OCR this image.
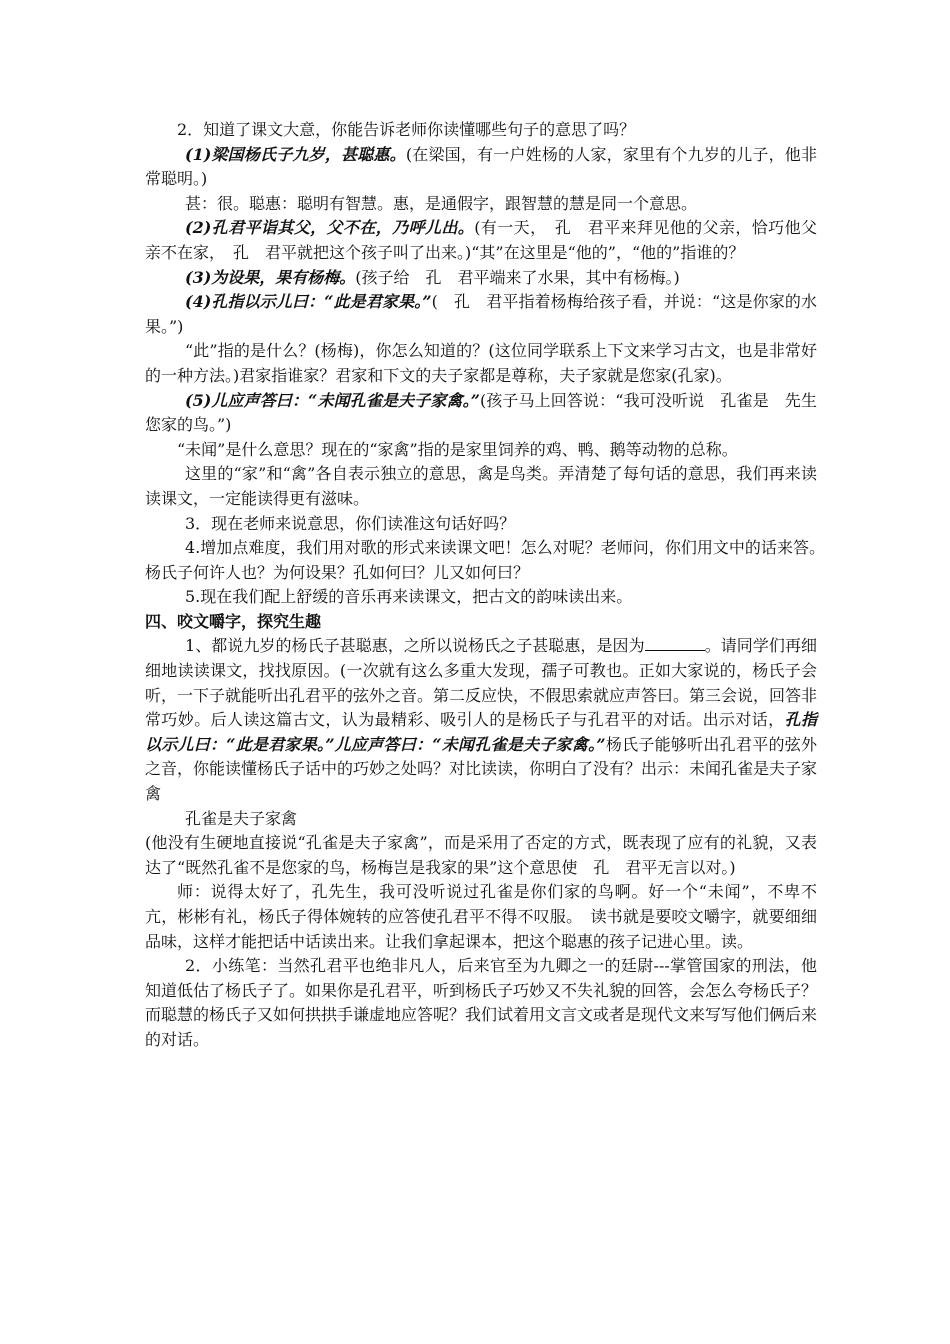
2．知道了课文大意，你能告诉老师你读懂哪些句子的意思了吗？

(1)梁国杨氏子九岁，甚聪惠。(在梁国，有一户姓杨的人家，家里有个九岁的儿子，他非常聪明。)

甚：很。聪惠：聪明有智慧。惠，是通假字，跟智慧的慧是同一个意思。

(2)孔君平诣其父，父不在，乃呼儿出。(有一天，　孔　君平来拜见他的父亲，恰巧他父亲不在家，　孔　君平就把这个孩子叫了出来。)“其”在这里是“他的”，“他的”指谁的？

(3)为设果，果有杨梅。(孩子给　孔　君平端来了水果，其中有杨梅。)

(4)孔指以示儿曰：“此是君家果。”(　孔　君平指着杨梅给孩子看，并说：“这是你家的水果。”)

“此”指的是什么？(杨梅)，你怎么知道的？(这位同学联系上下文来学习古文，也是非常好的一种方法。)君家指谁家？君家和下文的夫子家都是尊称，夫子家就是您家(孔家)。

(5)儿应声答曰：“未闻孔雀是夫子家禽。”(孩子马上回答说：“我可没听说　孔雀是　先生您家的鸟。”)

“未闻”是什么意思？现在的“家禽”指的是家里饲养的鸡、鸭、鹅等动物的总称。

这里的“家”和“禽”各自表示独立的意思，禽是鸟类。弄清楚了每句话的意思，我们再来读读课文，一定能读得更有滋味。

3．现在老师来说意思，你们读准这句话好吗？

4.增加点难度，我们用对歌的形式来读课文吧！怎么对呢？老师问，你们用文中的话来答。　杨氏子何许人也？为何设果？孔如何曰？儿又如何曰？

5.现在我们配上舒缓的音乐再来读课文，把古文的韵味读出来。

四、咬文嚼字，探究生趣

1、都说九岁的杨氏子甚聪惠，之所以说杨氏之子甚聪惠，是因为	。请同学们再细细地读读课文，找找原因。(一次就有这么多重大发现，孺子可教也。正如大家说的，杨氏子会听，一下子就能听出孔君平的弦外之音。第二反应快，不假思索就应声答曰。第三会说，回答非常巧妙。后人读这篇古文，认为最精彩、吸引人的是杨氏子与孔君平的对话。出示对话，孔指以示儿曰：“此是君家果。”儿应声答曰：“未闻孔雀是夫子家禽。”杨氏子能够听出孔君平的弦外之音，你能读懂杨氏子话中的巧妙之处吗？对比读读，你明白了没有？出示：未闻孔雀是夫子家禽

孔雀是夫子家禽

(他没有生硬地直接说“孔雀是夫子家禽”，而是采用了否定的方式，既表现了应有的礼貌，又表达了“既然孔雀不是您家的鸟，杨梅岂是我家的果”这个意思使　孔　君平无言以对。)

师：说得太好了，孔先生，我可没听说过孔雀是你们家的鸟啊。好一个“未闻”，不卑不亢，彬彬有礼，杨氏子得体婉转的应答使孔君平不得不叹服。　读书就是要咬文嚼字，就要细细品味，这样才能把话中话读出来。让我们拿起课本，把这个聪惠的孩子记进心里。读。

2．小练笔：当然孔君平也绝非凡人，后来官至为九卿之一的廷尉---掌管国家的刑法，他知道低估了杨氏子了。如果你是孔君平，听到杨氏子巧妙又不失礼貌的回答，会怎么夸杨氏子？而聪慧的杨氏子又如何拱拱手谦虚地应答呢？我们试着用文言文或者是现代文来写写他们俩后来的对话。
